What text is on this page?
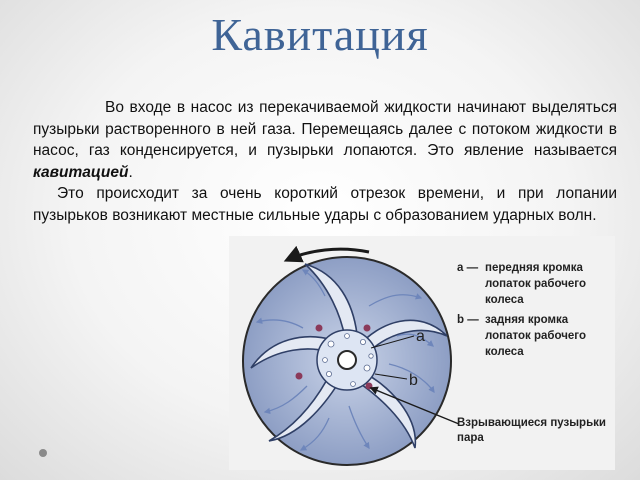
Кавитация
Во входе в насос из перекачиваемой жидкости начинают выделяться пузырьки растворенного в ней газа. Перемещаясь далее с потоком жидкости в насос, газ конденсируется, и пузырьки лопаются. Это явление называется кавитацией.
Это происходит за очень короткий отрезок времени, и при лопании пузырьков возникают местные сильные удары с образованием ударных волн.
a
b
a — передняя кромка лопаток рабочего колеса
b — задняя кромка лопаток рабочего колеса
Взрывающиеся пузырьки пара
